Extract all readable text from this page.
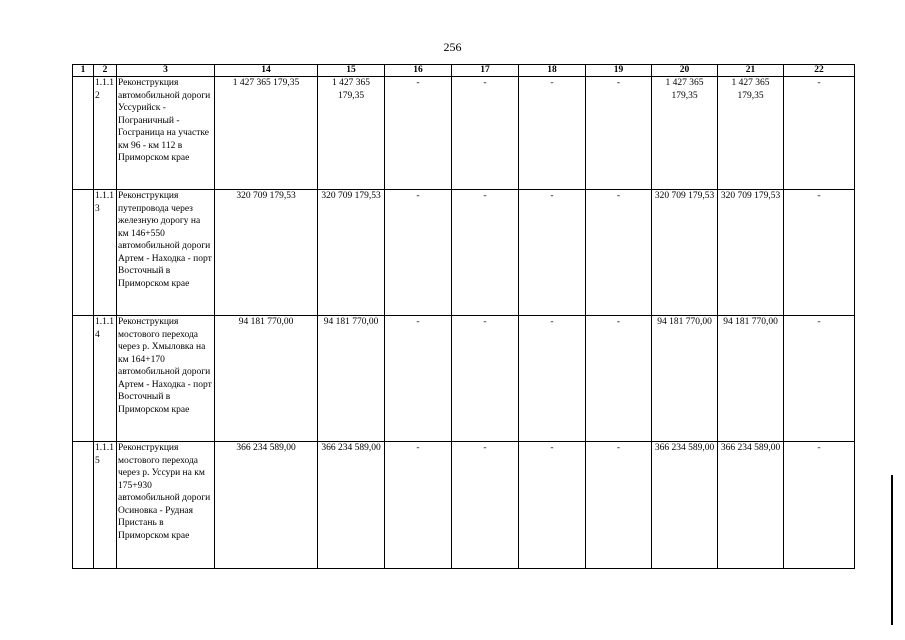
256
1	2	3	14	15	16	17	18	19	20	21	22
	1.1.12	Реконструкция автомобильной дороги Уссурийск - Пограничный - Госграница на участке км 96 - км 112 в Приморском крае	1 427 365 179,35	1 427 365 179,35	-	-	-	-	1 427 365 179,35	1 427 365 179,35	-
	1.1.13	Реконструкция путепровода через железную дорогу на км 146+550 автомобильной дороги Артем - Находка - порт Восточный в Приморском крае	320 709 179,53	320 709 179,53	-	-	-	-	320 709 179,53	320 709 179,53	-
	1.1.14	Реконструкция мостового перехода через р. Хмыловка на км 164+170 автомобильной дороги Артем - Находка - порт Восточный в Приморском крае	94 181 770,00	94 181 770,00	-	-	-	-	94 181 770,00	94 181 770,00	-
	1.1.15	Реконструкция мостового перехода через р. Уссури на км 175+930 автомобильной дороги Осиновка - Рудная Пристань в Приморском крае	366 234 589,00	366 234 589,00	-	-	-	-	366 234 589,00	366 234 589,00	-
